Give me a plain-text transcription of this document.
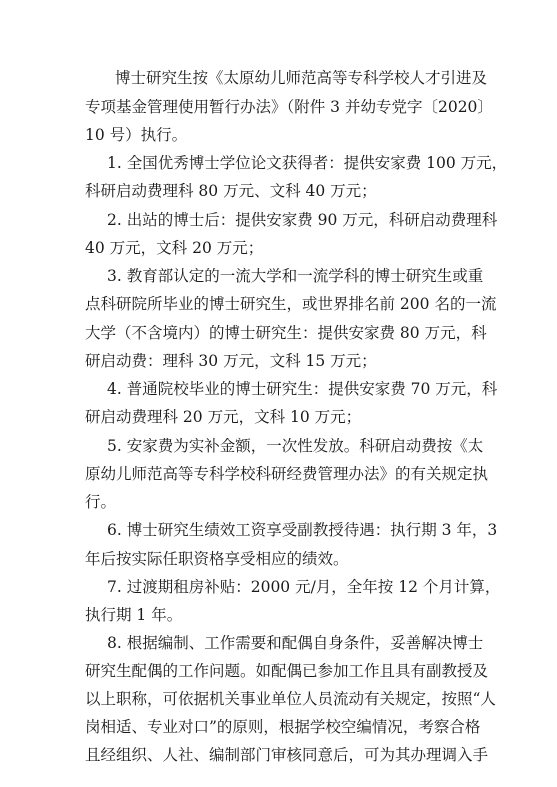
博士研究生按《太原幼儿师范高等专科学校人才引进及
专项基金管理使用暂行办法》（附件 3 并幼专党字〔2020〕
10 号）执行。
1. 全国优秀博士学位论文获得者：提供安家费 100 万元，
科研启动费理科 80 万元、文科 40 万元；
2. 出站的博士后：提供安家费 90 万元，科研启动费理科
40 万元，文科 20 万元；
3. 教育部认定的一流大学和一流学科的博士研究生或重
点科研院所毕业的博士研究生，或世界排名前 200 名的一流
大学（不含境内）的博士研究生：提供安家费 80 万元，科
研启动费：理科 30 万元，文科 15 万元；
4. 普通院校毕业的博士研究生：提供安家费 70 万元，科
研启动费理科 20 万元，文科 10 万元；
5. 安家费为实补金额，一次性发放。科研启动费按《太
原幼儿师范高等专科学校科研经费管理办法》的有关规定执
行。
6. 博士研究生绩效工资享受副教授待遇：执行期 3 年，3
年后按实际任职资格享受相应的绩效。
7. 过渡期租房补贴：2000 元/月，全年按 12 个月计算，
执行期 1 年。
8. 根据编制、工作需要和配偶自身条件，妥善解决博士
研究生配偶的工作问题。如配偶已参加工作且具有副教授及
以上职称，可依据机关事业单位人员流动有关规定，按照“人
岗相适、专业对口”的原则，根据学校空编情况，考察合格
且经组织、人社、编制部门审核同意后，可为其办理调入手
